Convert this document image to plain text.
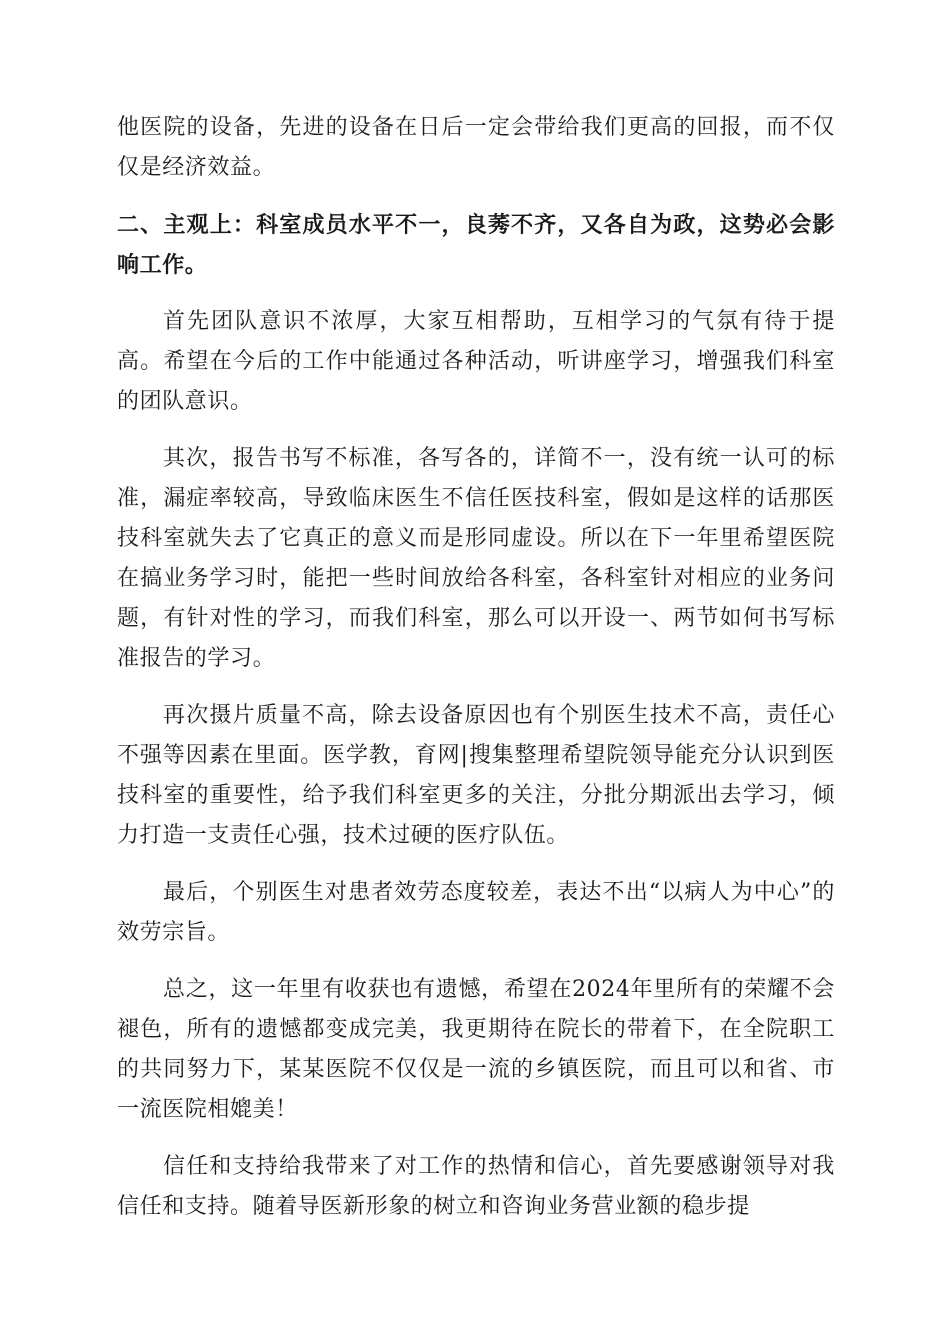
他医院的设备，先进的设备在日后一定会带给我们更高的回报，而不仅仅是经济效益。

二、主观上：科室成员水平不一，良莠不齐，又各自为政，这势必会影响工作。

首先团队意识不浓厚，大家互相帮助，互相学习的气氛有待于提高。希望在今后的工作中能通过各种活动，听讲座学习，增强我们科室的团队意识。

其次，报告书写不标准，各写各的，详简不一，没有统一认可的标准，漏症率较高，导致临床医生不信任医技科室，假如是这样的话那医技科室就失去了它真正的意义而是形同虚设。所以在下一年里希望医院在搞业务学习时，能把一些时间放给各科室，各科室针对相应的业务问题，有针对性的学习，而我们科室，那么可以开设一、两节如何书写标准报告的学习。

再次摄片质量不高，除去设备原因也有个别医生技术不高，责任心不强等因素在里面。医学教，育网|搜集整理希望院领导能充分认识到医技科室的重要性，给予我们科室更多的关注，分批分期派出去学习，倾力打造一支责任心强，技术过硬的医疗队伍。

最后，个别医生对患者效劳态度较差，表达不出“以病人为中心”的效劳宗旨。

总之，这一年里有收获也有遗憾，希望在2024年里所有的荣耀不会褪色，所有的遗憾都变成完美，我更期待在院长的带着下，在全院职工的共同努力下，某某医院不仅仅是一流的乡镇医院，而且可以和省、市一流医院相媲美！

信任和支持给我带来了对工作的热情和信心，首先要感谢领导对我信任和支持。随着导医新形象的树立和咨询业务营业额的稳步提
